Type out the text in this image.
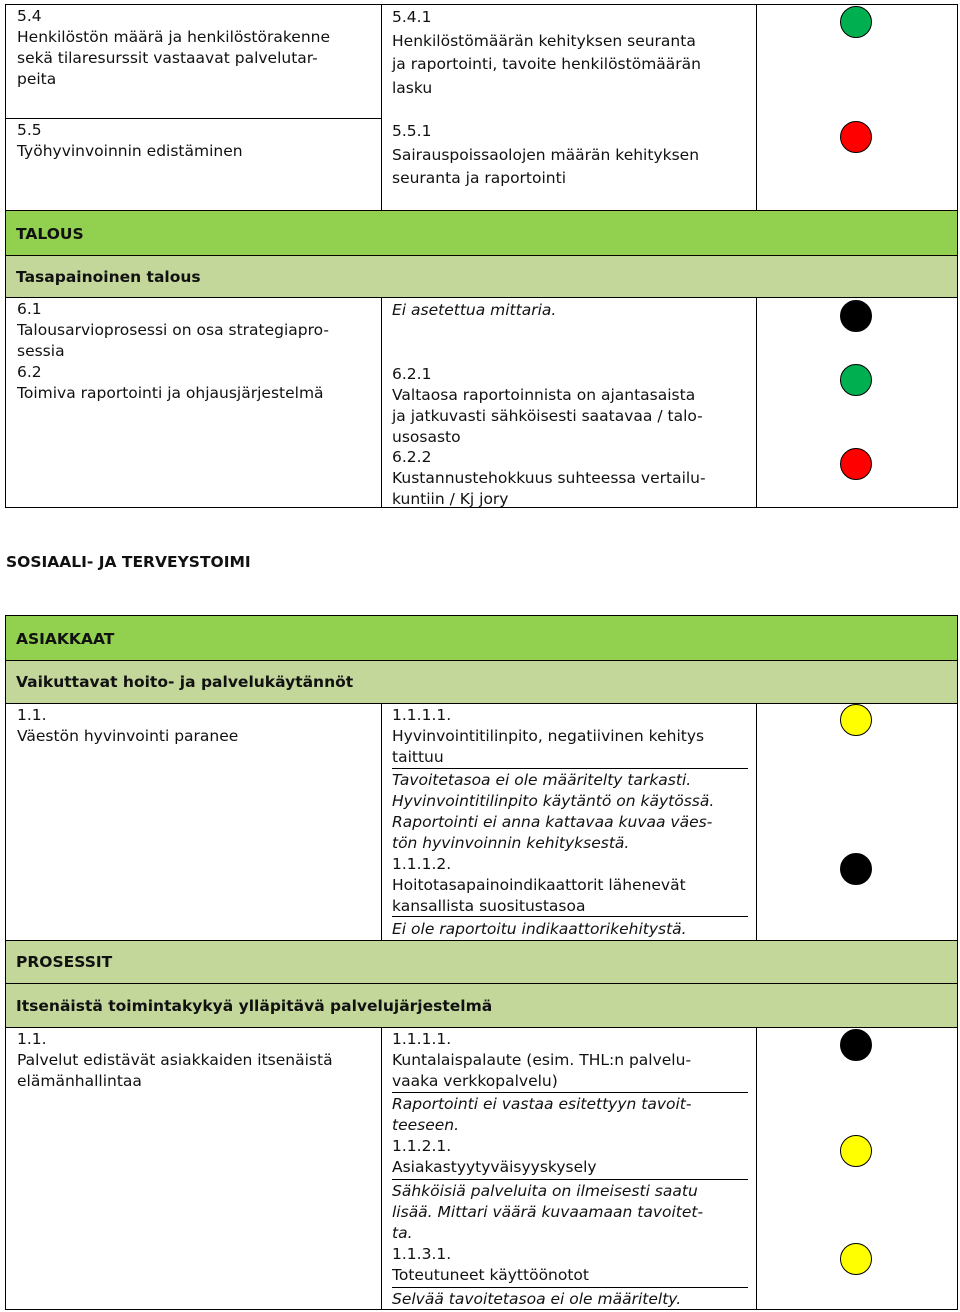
5.4
Henkilöstön määrä ja henkilöstörakenne
sekä tilaresurssit vastaavat palvelutar-
peita
5.4.1
Henkilöstömäärän kehityksen seuranta
ja raportointi, tavoite henkilöstömäärän
lasku
5.5
Työhyvinvoinnin edistäminen
5.5.1
Sairauspoissaolojen määrän kehityksen
seuranta ja raportointi
TALOUS
Tasapainoinen talous
6.1
Talousarvioprosessi on osa strategiapro-
sessia
6.2
Toimiva raportointi ja ohjausjärjestelmä
Ei asetettua mittaria.
6.2.1
Valtaosa raportoinnista on ajantasaista
ja jatkuvasti sähköisesti saatavaa / talo-
usosasto
6.2.2
Kustannustehokkuus suhteessa vertailu-
kuntiin / Kj jory
SOSIAALI- JA TERVEYSTOIMI
ASIAKKAAT
Vaikuttavat hoito- ja palvelukäytännöt
1.1.
Väestön hyvinvointi paranee
1.1.1.1.
Hyvinvointitilinpito, negatiivinen kehitys
taittuu
Tavoitetasoa ei ole määritelty tarkasti.
Hyvinvointitilinpito käytäntö on käytössä.
Raportointi ei anna kattavaa kuvaa väes-
tön hyvinvoinnin kehityksestä.
1.1.1.2.
Hoitotasapainoindikaattorit lähenevät
kansallista suositustasoa
Ei ole raportoitu indikaattorikehitystä.
PROSESSIT
Itsenäistä toimintakykyä ylläpitävä palvelujärjestelmä
1.1.
Palvelut edistävät asiakkaiden itsenäistä
elämänhallintaa
1.1.1.1.
Kuntalaispalaute (esim. THL:n palvelu-
vaaka verkkopalvelu)
Raportointi ei vastaa esitettyyn tavoit-
teeseen.
1.1.2.1.
Asiakastyytyväisyyskysely
Sähköisiä palveluita on ilmeisesti saatu
lisää. Mittari väärä kuvaamaan tavoitet-
ta.
1.1.3.1.
Toteutuneet käyttöönotot
Selvää tavoitetasoa ei ole määritelty.
